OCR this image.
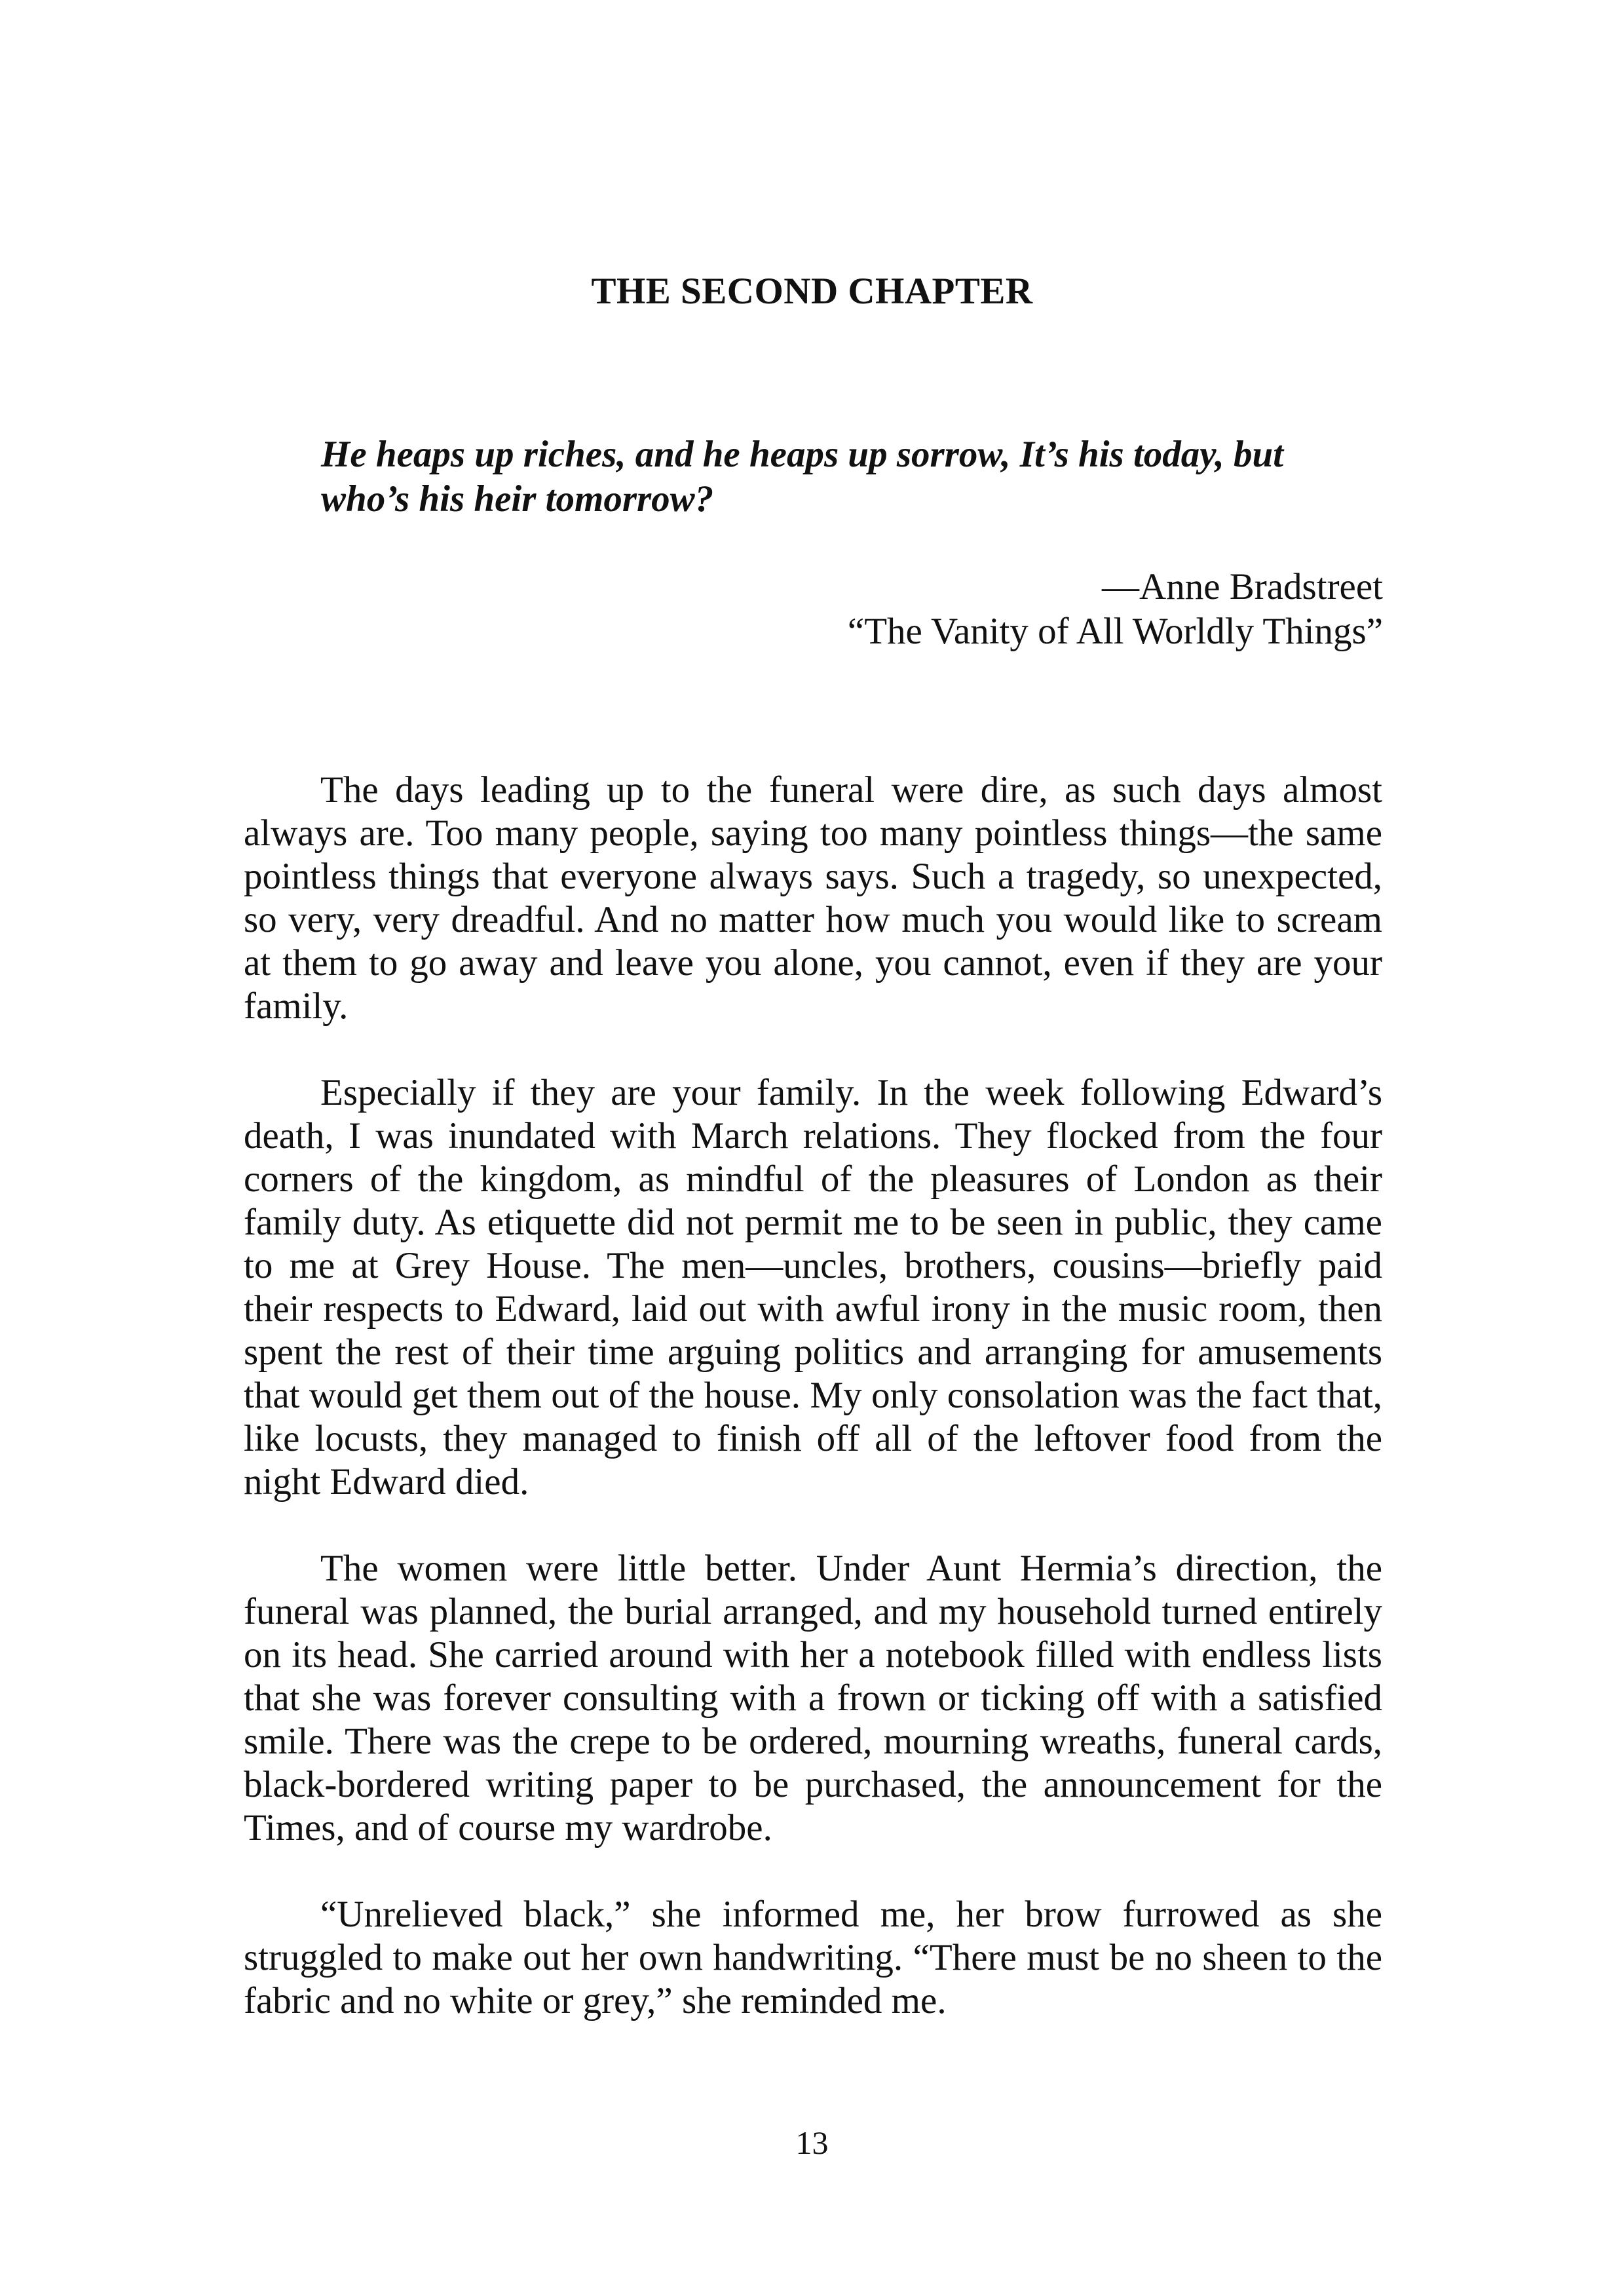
THE SECOND CHAPTER

He heaps up riches, and he heaps up sorrow, It’s his today, but who’s his heir tomorrow?

—Anne Bradstreet
“The Vanity of All Worldly Things”

The days leading up to the funeral were dire, as such days almost always are. Too many people, saying too many pointless things—the same pointless things that everyone always says. Such a tragedy, so unexpected, so very, very dreadful. And no matter how much you would like to scream at them to go away and leave you alone, you cannot, even if they are your family.

Especially if they are your family. In the week following Edward’s death, I was inundated with March relations. They flocked from the four corners of the kingdom, as mindful of the pleasures of London as their family duty. As etiquette did not permit me to be seen in public, they came to me at Grey House. The men—uncles, brothers, cousins—briefly paid their respects to Edward, laid out with awful irony in the music room, then spent the rest of their time arguing politics and arranging for amusements that would get them out of the house. My only consolation was the fact that, like locusts, they managed to finish off all of the leftover food from the night Edward died.

The women were little better. Under Aunt Hermia’s direction, the funeral was planned, the burial arranged, and my household turned entirely on its head. She carried around with her a notebook filled with endless lists that she was forever consulting with a frown or ticking off with a satisfied smile. There was the crepe to be ordered, mourning wreaths, funeral cards, black-bordered writing paper to be purchased, the announcement for the Times, and of course my wardrobe.

“Unrelieved black,” she informed me, her brow furrowed as she struggled to make out her own handwriting. “There must be no sheen to the fabric and no white or grey,” she reminded me.

13
